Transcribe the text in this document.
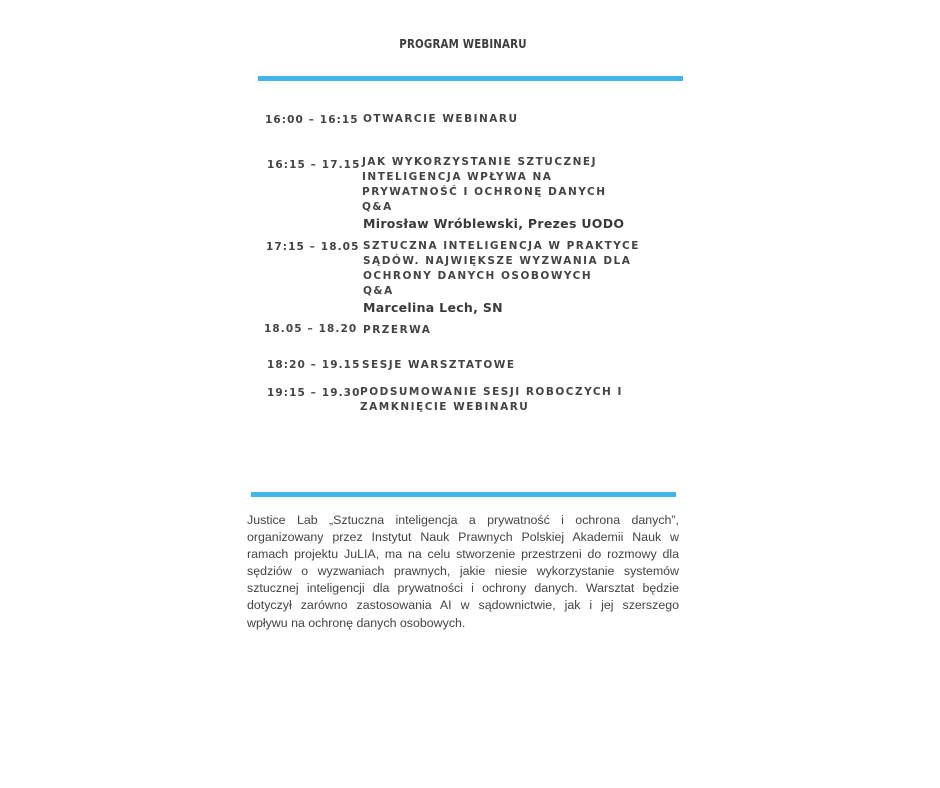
PROGRAM WEBINARU
16:00 – 16:15 OTWARCIE WEBINARU
16:15 – 17.15 JAK WYKORZYSTANIE SZTUCZNEJ
INTELIGENCJA WPŁYWA NA
PRYWATNOŚĆ I OCHRONĘ DANYCH
Q&A
Mirosław Wróblewski, Prezes UODO
17:15 – 18.05 SZTUCZNA INTELIGENCJA W PRAKTYCE
SĄDÓW. NAJWIĘKSZE WYZWANIA DLA
OCHRONY DANYCH OSOBOWYCH
Q&A
Marcelina Lech, SN
18.05 – 18.20 PRZERWA
18:20 – 19.15 SESJE WARSZTATOWE
19:15 – 19.30 PODSUMOWANIE SESJI ROBOCZYCH I
ZAMKNIĘCIE WEBINARU
Justice Lab „Sztuczna inteligencja a prywatność i ochrona danych”,
organizowany przez Instytut Nauk Prawnych Polskiej Akademii Nauk w
ramach projektu JuLIA, ma na celu stworzenie przestrzeni do rozmowy dla
sędziów o wyzwaniach prawnych, jakie niesie wykorzystanie systemów
sztucznej inteligencji dla prywatności i ochrony danych. Warsztat będzie
dotyczył zarówno zastosowania AI w sądownictwie, jak i jej szerszego
wpływu na ochronę danych osobowych.
